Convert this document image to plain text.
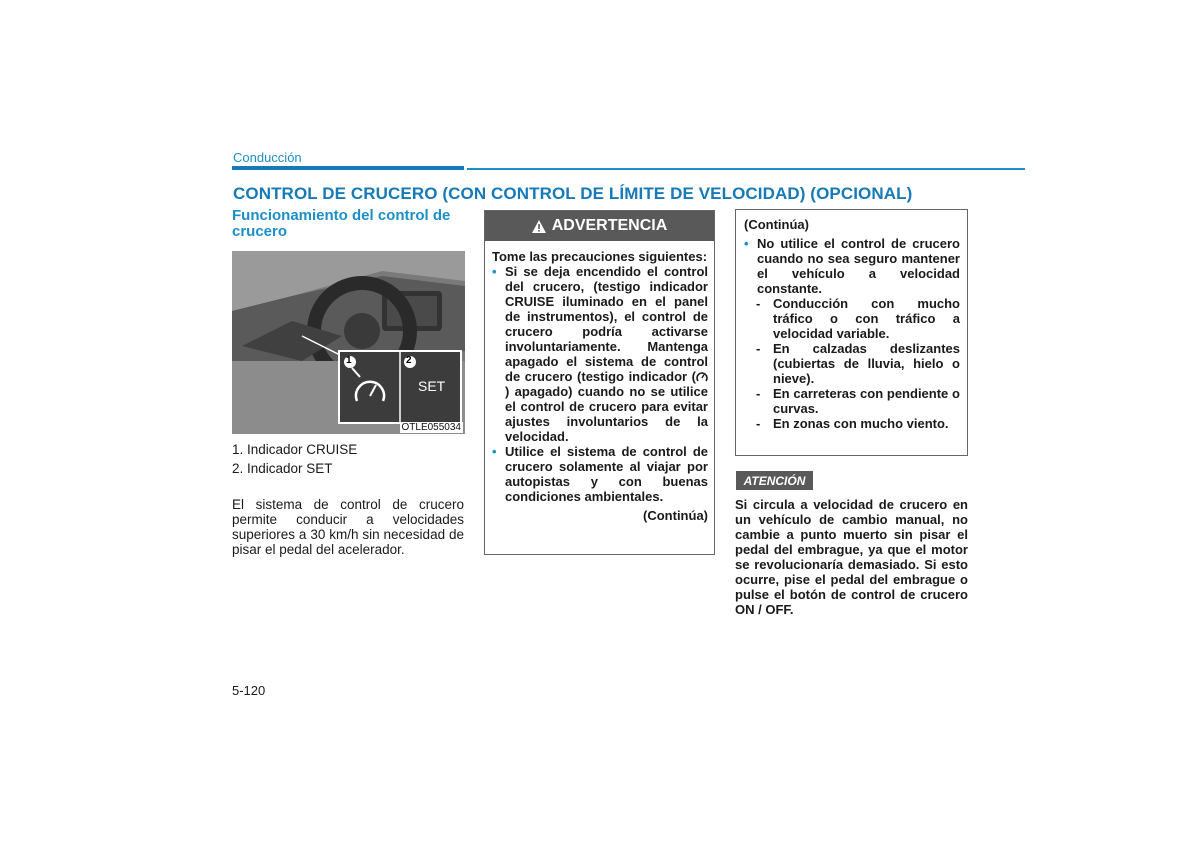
Conducción
CONTROL DE CRUCERO (CON CONTROL DE LÍMITE DE VELOCIDAD) (OPCIONAL)
Funcionamiento del control de crucero
1	2
SET
OTLE055034
1. Indicador CRUISE
2. Indicador SET
El sistema de control de crucero permite conducir a velocidades superiores a 30 km/h sin necesidad de pisar el pedal del acelerador.
ADVERTENCIA

Tome las precauciones siguientes:

• Si se deja encendido el control del crucero, (testigo indicador CRUISE iluminado en el panel de instrumentos), el control de crucero podría activarse involuntariamente. Mantenga apagado el sistema de control de crucero (testigo indicador () apagado) cuando no se utilice el control de crucero para evitar ajustes involuntarios de la velocidad.

• Utilice el sistema de control de crucero solamente al viajar por autopistas y con buenas condiciones ambientales.

(Continúa)

(Continúa)

• No utilice el control de crucero cuando no sea seguro mantener el vehículo a velocidad constante.

- Conducción con mucho tráfico o con tráfico a velocidad variable.

- En calzadas deslizantes (cubiertas de lluvia, hielo o nieve).

- En carreteras con pendiente o curvas.

- En zonas con mucho viento.

ATENCIÓN
Si circula a velocidad de crucero en un vehículo de cambio manual, no cambie a punto muerto sin pisar el pedal del embrague, ya que el motor se revolucionaría demasiado. Si esto ocurre, pise el pedal del embrague o pulse el botón de control de crucero ON / OFF.
5-120
